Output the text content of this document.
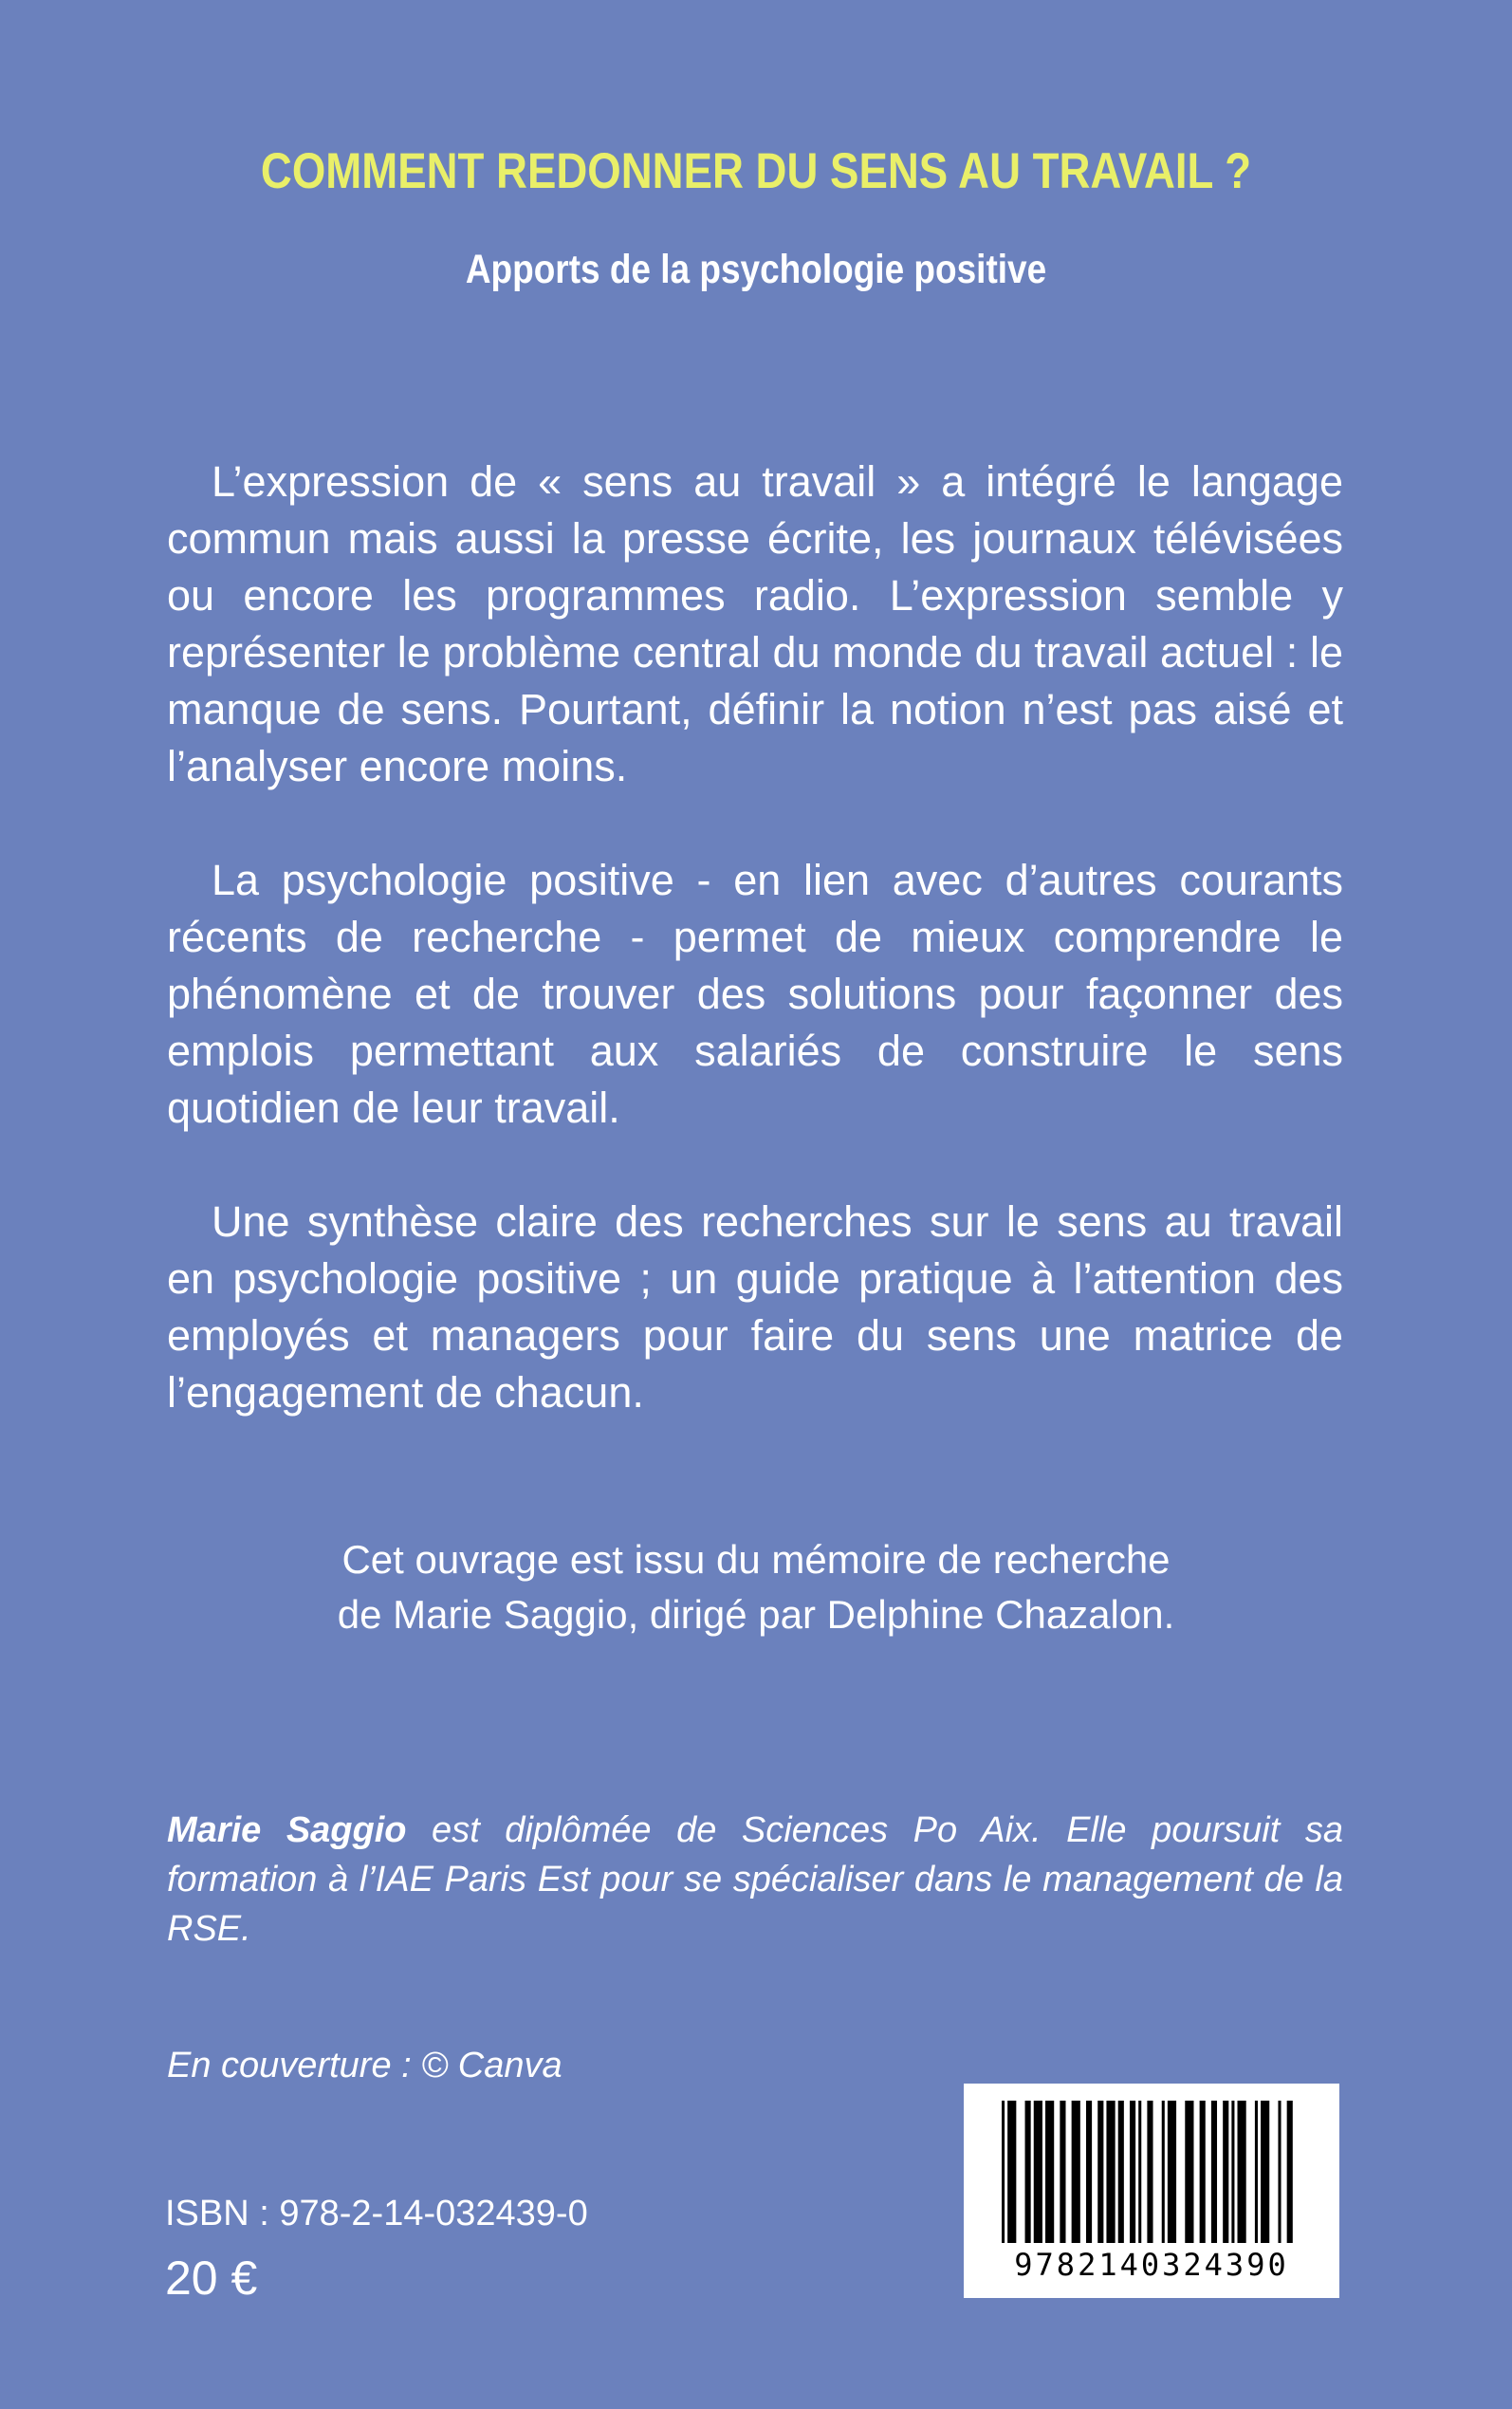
COMMENT REDONNER DU SENS AU TRAVAIL ?
Apports de la psychologie positive

L’expression de « sens au travail » a intégré le langage commun mais aussi la presse écrite, les journaux télévisées ou encore les programmes radio. L’expression semble y représenter le problème central du monde du travail actuel : le manque de sens. Pourtant, définir la notion n’est pas aisé et l’analyser encore moins.

La psychologie positive - en lien avec d’autres courants récents de recherche - permet de mieux comprendre le phénomène et de trouver des solutions pour façonner des emplois permettant aux salariés de construire le sens quotidien de leur travail.

Une synthèse claire des recherches sur le sens au travail en psychologie positive ; un guide pratique à l’attention des employés et managers pour faire du sens une matrice de l’engagement de chacun.

Cet ouvrage est issu du mémoire de recherche
de Marie Saggio, dirigé par Delphine Chazalon.

Marie Saggio est diplômée de Sciences Po Aix. Elle poursuit sa formation à l’IAE Paris Est pour se spécialiser dans le management de la RSE.

En couverture : © Canva

ISBN : 978-2-14-032439-0

20 €	9782140324390
